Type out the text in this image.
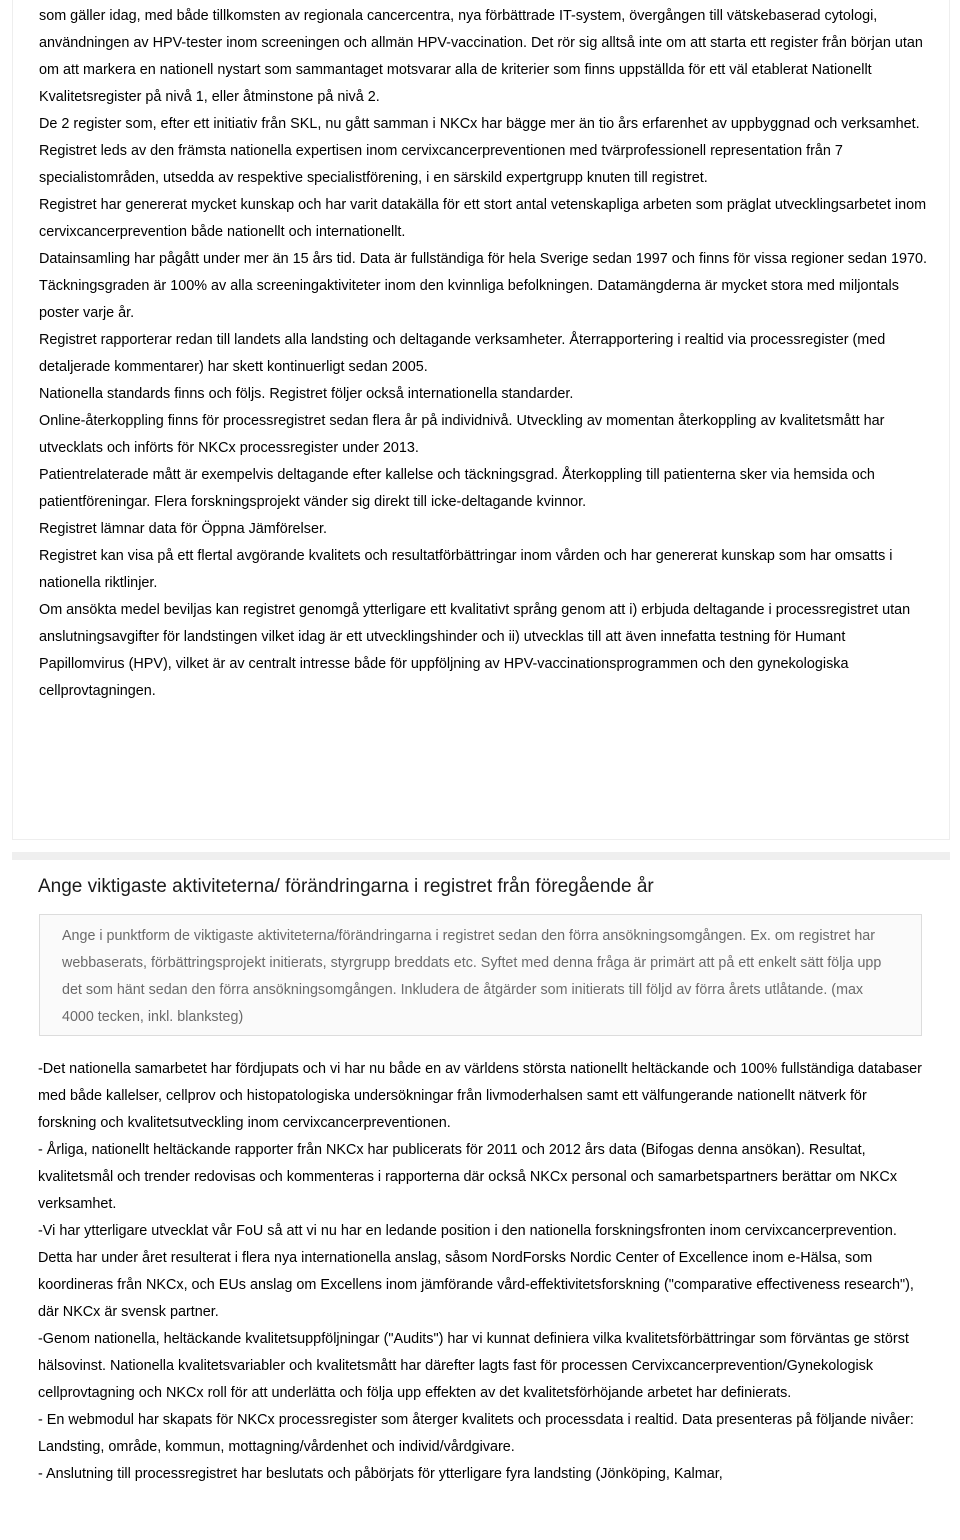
som gäller idag, med både tillkomsten av regionala cancercentra, nya förbättrade IT-system, övergången till vätskebaserad cytologi, användningen av HPV-tester inom screeningen och allmän HPV-vaccination. Det rör sig alltså inte om att starta ett register från början utan om att markera en nationell nystart som sammantaget motsvarar alla de kriterier som finns uppställda för ett väl etablerat Nationellt Kvalitetsregister på nivå 1, eller åtminstone på nivå 2.

De 2 register som, efter ett initiativ från SKL, nu gått samman i NKCx har bägge mer än tio års erfarenhet av uppbyggnad och verksamhet.

Registret leds av den främsta nationella expertisen inom cervixcancerpreventionen med tvärprofessionell representation från 7 specialistområden, utsedda av respektive specialistförening, i en särskild expertgrupp knuten till registret.

Registret har genererat mycket kunskap och har varit datakälla för ett stort antal vetenskapliga arbeten som präglat utvecklingsarbetet inom cervixcancerprevention både nationellt och internationellt.

Datainsamling har pågått under mer än 15 års tid. Data är fullständiga för hela Sverige sedan 1997 och finns för vissa regioner sedan 1970.

Täckningsgraden är 100% av alla screeningaktiviteter inom den kvinnliga befolkningen. Datamängderna är mycket stora med miljontals poster varje år.

Registret rapporterar redan till landets alla landsting och deltagande verksamheter. Återrapportering i realtid via processregister (med detaljerade kommentarer) har skett kontinuerligt sedan 2005.

Nationella standards finns och följs. Registret följer också internationella standarder.

Online-återkoppling finns för processregistret sedan flera år på individnivå. Utveckling av momentan återkoppling av kvalitetsmått har utvecklats och införts för NKCx processregister under 2013.

Patientrelaterade mått är exempelvis deltagande efter kallelse och täckningsgrad. Återkoppling till patienterna sker via hemsida och patientföreningar. Flera forskningsprojekt vänder sig direkt till icke-deltagande kvinnor.

Registret lämnar data för Öppna Jämförelser.

Registret kan visa på ett flertal avgörande kvalitets och resultatförbättringar inom vården och har genererat kunskap som har omsatts i nationella riktlinjer.

Om ansökta medel beviljas kan registret genomgå ytterligare ett kvalitativt språng genom att i) erbjuda deltagande i processregistret utan anslutningsavgifter för landstingen vilket idag är ett utvecklingshinder och ii) utvecklas till att även innefatta testning för Humant Papillomvirus (HPV), vilket är av centralt intresse både för uppföljning av HPV-vaccinationsprogrammen och den gynekologiska cellprovtagningen.

Ange viktigaste aktiviteterna/ förändringarna i registret från föregående år

Ange i punktform de viktigaste aktiviteterna/förändringarna i registret sedan den förra ansökningsomgången. Ex. om registret har webbaserats, förbättringsprojekt initierats, styrgrupp breddats etc. Syftet med denna fråga är primärt att på ett enkelt sätt följa upp det som hänt sedan den förra ansökningsomgången. Inkludera de åtgärder som initierats till följd av förra årets utlåtande. (max 4000 tecken, inkl. blanksteg)

-Det nationella samarbetet har fördjupats och vi har nu både en av världens största nationellt heltäckande och 100% fullständiga databaser med både kallelser, cellprov och histopatologiska undersökningar från livmoderhalsen samt ett välfungerande nationellt nätverk för forskning och kvalitetsutveckling inom cervixcancerpreventionen.

- Årliga, nationellt heltäckande rapporter från NKCx har publicerats för 2011 och 2012 års data (Bifogas denna ansökan). Resultat, kvalitetsmål och trender redovisas och kommenteras i rapporterna där också NKCx personal och samarbetspartners berättar om NKCx verksamhet.

-Vi har ytterligare utvecklat vår FoU så att vi nu har en ledande position i den nationella forskningsfronten inom cervixcancerprevention. Detta har under året resulterat i flera nya internationella anslag, såsom NordForsks Nordic Center of Excellence inom e-Hälsa, som koordineras från NKCx, och EUs anslag om Excellens inom jämförande vård-effektivitetsforskning ("comparative effectiveness research"), där NKCx är svensk partner.

-Genom nationella, heltäckande kvalitetsuppföljningar ("Audits") har vi kunnat definiera vilka kvalitetsförbättringar som förväntas ge störst hälsovinst. Nationella kvalitetsvariabler och kvalitetsmått har därefter lagts fast för processen Cervixcancerprevention/Gynekologisk cellprovtagning och NKCx roll för att underlätta och följa upp effekten av det kvalitetsförhöjande arbetet har definierats.

- En webmodul har skapats för NKCx processregister som återger kvalitets och processdata i realtid. Data presenteras på följande nivåer: Landsting, område, kommun, mottagning/vårdenhet och individ/vårdgivare.

- Anslutning till processregistret har beslutats och påbörjats för ytterligare fyra landsting (Jönköping, Kalmar,
